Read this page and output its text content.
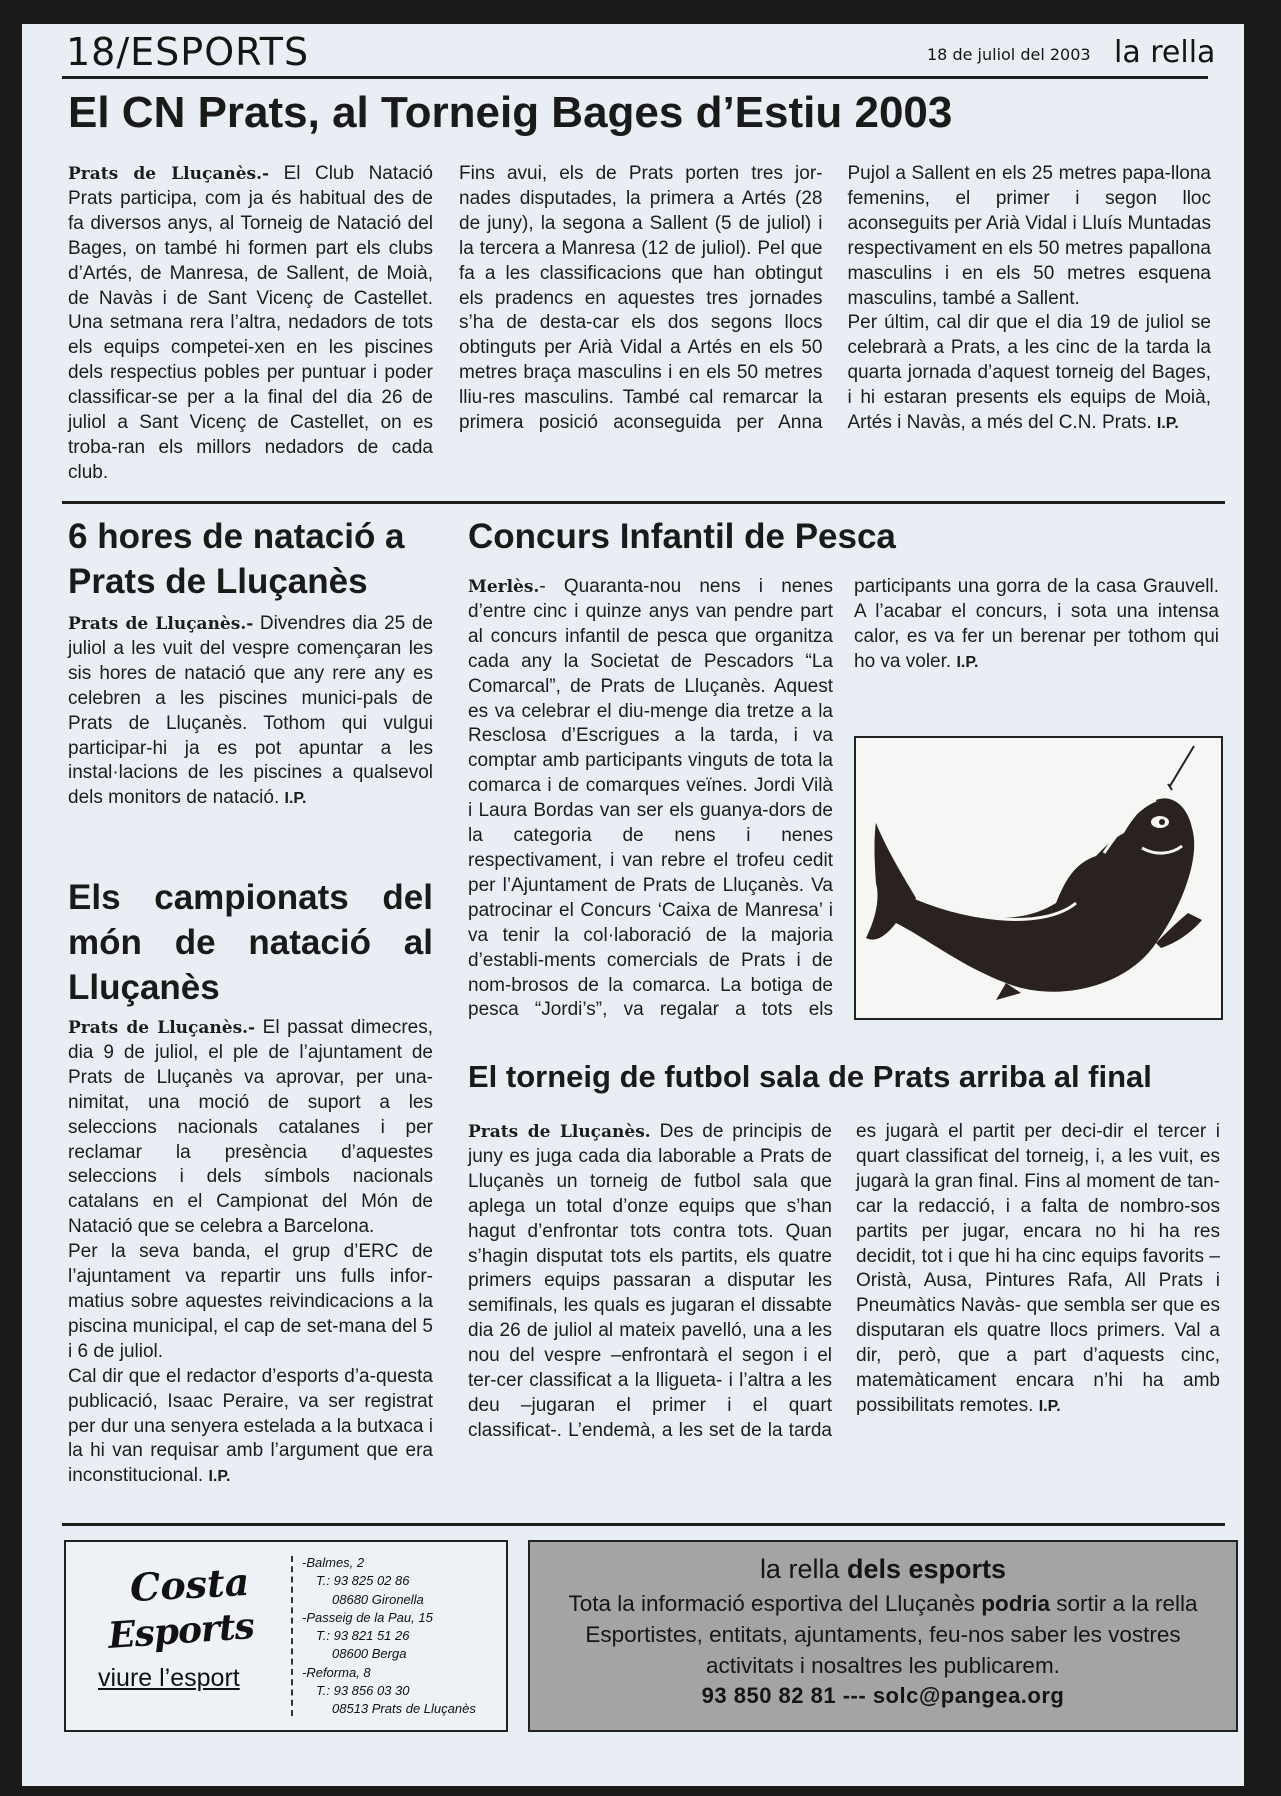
18/ESPORTS	18 de juliol del 2003 la rella
El CN Prats, al Torneig Bages d’Estiu 2003

Prats de Lluçanès.- El Club Natació Prats participa, com ja és habitual des de fa diversos anys, al Torneig de Natació del Bages, on també hi formen part els clubs d’Artés, de Manresa, de Sallent, de Moià, de Navàs i de Sant Vicenç de Castellet. Una setmana rera l’altra, nedadors de tots els equips competei-xen en les piscines dels respectius pobles per puntuar i poder classificar-se per a la final del dia 26 de juliol a Sant Vicenç de Castellet, on es troba-ran els millors nedadors de cada club.

Fins avui, els de Prats porten tres jor-nades disputades, la primera a Artés (28 de juny), la segona a Sallent (5 de juliol) i la tercera a Manresa (12 de juliol). Pel que fa a les classificacions que han obtingut els pradencs en aquestes tres jornades s’ha de desta-car els dos segons llocs obtinguts per Arià Vidal a Artés en els 50 metres braça masculins i en els 50 metres lliu-res masculins. També cal remarcar la primera posició aconseguida per Anna Pujol a Sallent en els 25 metres papa-llona femenins, el primer i segon lloc aconseguits per Arià Vidal i Lluís Muntadas respectivament en els 50 metres papallona masculins i en els 50 metres esquena masculins, també a Sallent.

Per últim, cal dir que el dia 19 de juliol se celebrarà a Prats, a les cinc de la tarda la quarta jornada d’aquest torneig del Bages, i hi estaran presents els equips de Moià, Artés i Navàs, a més del C.N. Prats. I.P.

6 hores de natació a Prats de Lluçanès

Prats de Lluçanès.- Divendres dia 25 de juliol a les vuit del vespre començaran les sis hores de natació que any rere any es celebren a les piscines munici-pals de Prats de Lluçanès. Tothom qui vulgui participar-hi ja es pot apuntar a les instal·lacions de les piscines a qualsevol dels monitors de natació. I.P.

Els campionats del món de natació al Lluçanès

Prats de Lluçanès.- El passat dimecres, dia 9 de juliol, el ple de l’ajuntament de Prats de Lluçanès va aprovar, per una-nimitat, una moció de suport a les seleccions nacionals catalanes i per reclamar la presència d’aquestes seleccions i dels símbols nacionals catalans en el Campionat del Món de Natació que se celebra a Barcelona.

Per la seva banda, el grup d’ERC de l’ajuntament va repartir uns fulls infor-matius sobre aquestes reivindicacions a la piscina municipal, el cap de set-mana del 5 i 6 de juliol.

Cal dir que el redactor d’esports d’a-questa publicació, Isaac Peraire, va ser registrat per dur una senyera estelada a la butxaca i la hi van requisar amb l’argument que era inconstitucional. I.P.

Concurs Infantil de Pesca

Merlès.- Quaranta-nou nens i nenes d’entre cinc i quinze anys van pendre part al concurs infantil de pesca que organitza cada any la Societat de Pescadors “La Comarcal”, de Prats de Lluçanès. Aquest es va celebrar el diu-menge dia tretze a la Resclosa d’Escrigues a la tarda, i va comptar amb participants vinguts de tota la comarca i de comarques veïnes. Jordi Vilà i Laura Bordas van ser els guanya-dors de la categoria de nens i nenes respectivament, i van rebre el trofeu cedit per l’Ajuntament de Prats de Lluçanès. Va patrocinar el Concurs ‘Caixa de Manresa’ i va tenir la col·laboració de la majoria d’establi-ments comercials de Prats i de nom-brosos de la comarca. La botiga de pesca “Jordi’s”, va regalar a tots els

participants una gorra de la casa Grauvell. A l’acabar el concurs, i sota una intensa calor, es va fer un berenar per tothom qui ho va voler. I.P.

El torneig de futbol sala de Prats arriba al final

Prats de Lluçanès. Des de principis de juny es juga cada dia laborable a Prats de Lluçanès un torneig de futbol sala que aplega un total d’onze equips que s’han hagut d’enfrontar tots contra tots. Quan s’hagin disputat tots els partits, els quatre primers equips passaran a disputar les semifinals, les quals es jugaran el dissabte dia 26 de juliol al mateix pavelló, una a les nou del vespre –enfrontarà el segon i el ter-cer classificat a la lligueta- i l’altra a les deu –jugaran el primer i el quart classificat-. L’endemà, a les set de la tarda es jugarà el partit per deci-dir el tercer i quart classificat del torneig, i, a les vuit, es jugarà la gran final. Fins al moment de tan-car la redacció, i a falta de nombro-sos partits per jugar, encara no hi ha res decidit, tot i que hi ha cinc equips favorits –Oristà, Ausa, Pintures Rafa, All Prats i Pneumàtics Navàs- que sembla ser que es disputaran els quatre llocs primers. Val a dir, però, que a part d’aquests cinc, matemàticament encara n’hi ha amb possibilitats remotes. I.P.

Costa
Esports
viure l’esport
-Balmes, 2
T.: 93 825 02 86
08680 Gironella
-Passeig de la Pau, 15
T.: 93 821 51 26
08600 Berga
-Reforma, 8
T.: 93 856 03 30
08513 Prats de Lluçanès
la rella dels esports
Tota la informació esportiva del Lluçanès podria sortir a la rella
Esportistes, entitats, ajuntaments, feu-nos saber les vostres activitats i nosaltres les publicarem.
93 850 82 81 --- solc@pangea.org
